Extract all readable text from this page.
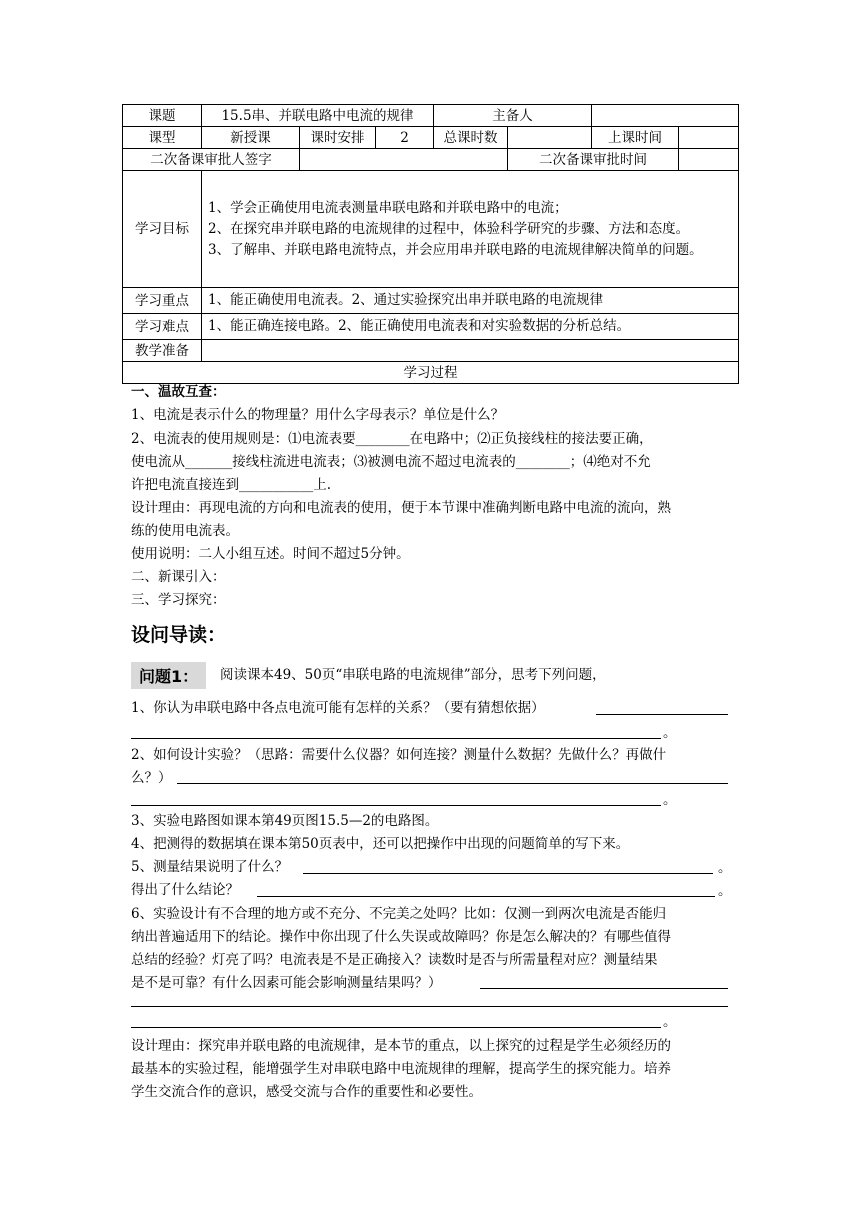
课题	15.5串、并联电路中电流的规律			主备人			
课型	新授课	课时安排	2	总课时数		上课时间	
二次备课审批人签字					二次备课审批时间		
学习目标	1、学会正确使用电流表测量串联电路和并联电路中的电流；
2、在探究串并联电路的电流规律的过程中，体验科学研究的步骤、方法和态度。
3、了解串、并联电路电流特点，并会应用串并联电路的电流规律解决简单的问题。						

学习重点	1、能正确使用电流表。2、通过实验探究出串并联电路的电流规律						
学习难点	1、能正确连接电路。2、能正确使用电流表和对实验数据的分析总结。						
教学准备							
学习过程							
一、温故互查：
1、电流是表示什么的物理量？用什么字母表示？单位是什么？
2、电流表的使用规则是：⑴电流表要________在电路中；⑵正负接线柱的接法要正确，
使电流从_______接线柱流进电流表；⑶被测电流不超过电流表的________；⑷绝对不允
许把电流直接连到___________上.
设计理由：再现电流的方向和电流表的使用，便于本节课中准确判断电路中电流的流向，熟
练的使用电流表。
使用说明：二人小组互述。时间不超过5分钟。
二、新课引入：
三、学习探究：
设问导读：
问题1：	阅读课本49、50页“串联电路的电流规律”部分，思考下列问题，
1、你认为串联电路中各点电流可能有怎样的关系？（要有猜想依据）
。
2、如何设计实验？（思路：需要什么仪器？如何连接？测量什么数据？先做什么？再做什
么？）
。
3、实验电路图如课本第49页图15.5—2的电路图。
4、把测得的数据填在课本第50页表中，还可以把操作中出现的问题简单的写下来。
5、测量结果说明了什么？	。
得出了什么结论？	。
6、实验设计有不合理的地方或不充分、不完美之处吗？比如：仅测一到两次电流是否能归
纳出普遍适用下的结论。操作中你出现了什么失误或故障吗？你是怎么解决的？有哪些值得
总结的经验？灯亮了吗？电流表是不是正确接入？读数时是否与所需量程对应？测量结果
是不是可靠？有什么因素可能会影响测量结果吗？）
。
设计理由：探究串并联电路的电流规律，是本节的重点，以上探究的过程是学生必须经历的
最基本的实验过程，能增强学生对串联电路中电流规律的理解，提高学生的探究能力。培养
学生交流合作的意识，感受交流与合作的重要性和必要性。
